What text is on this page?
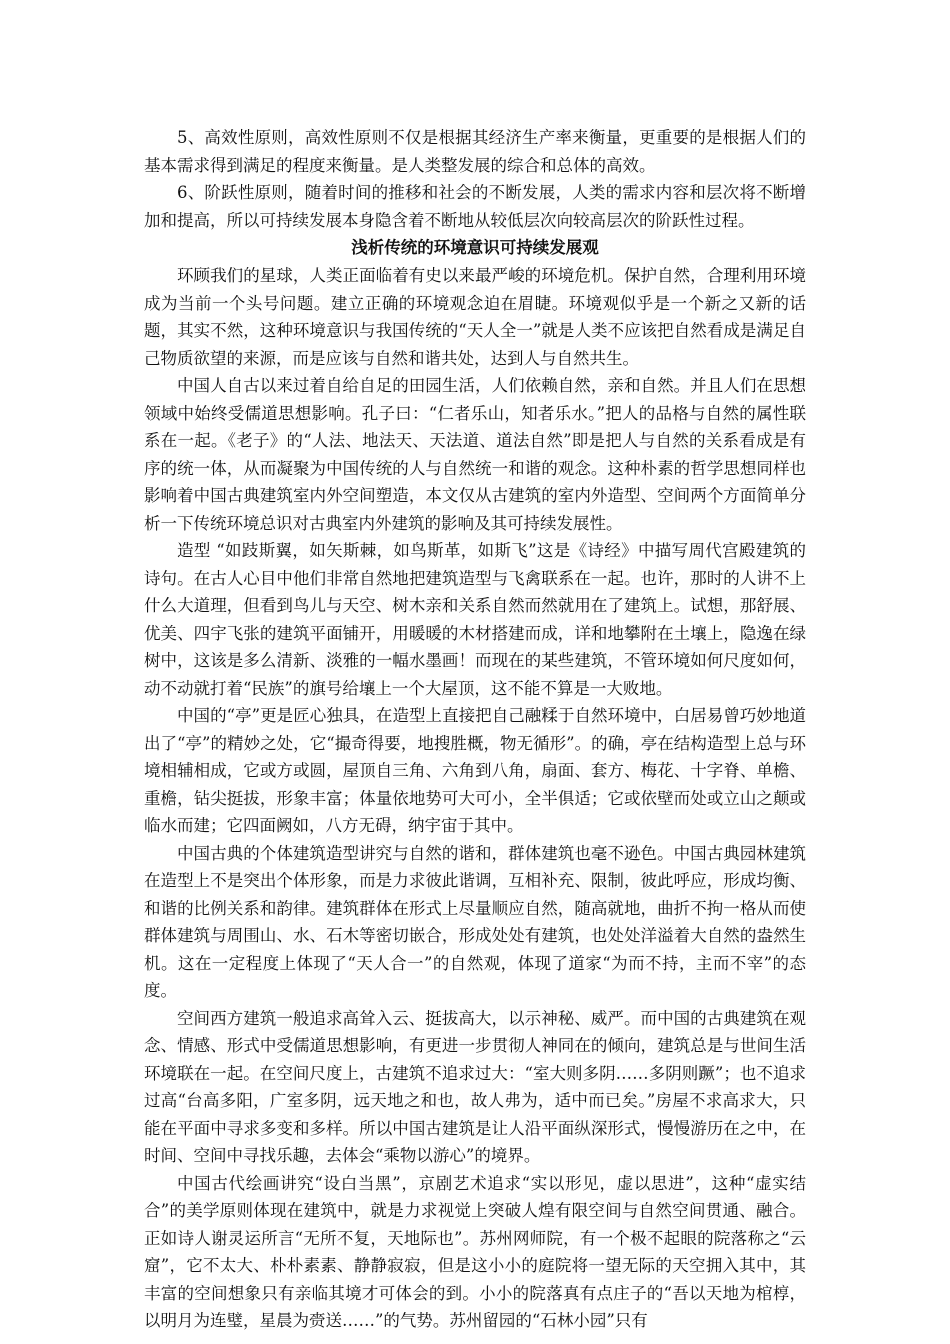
5、高效性原则，高效性原则不仅是根据其经济生产率来衡量，更重要的是根据人们的基本需求得到满足的程度来衡量。是人类整发展的综合和总体的高效。

6、阶跃性原则，随着时间的推移和社会的不断发展，人类的需求内容和层次将不断增加和提高，所以可持续发展本身隐含着不断地从较低层次向较高层次的阶跃性过程。

浅析传统的环境意识可持续发展观

环顾我们的星球，人类正面临着有史以来最严峻的环境危机。保护自然，合理利用环境成为当前一个头号问题。建立正确的环境观念迫在眉睫。环境观似乎是一个新之又新的话题，其实不然，这种环境意识与我国传统的“天人全一”就是人类不应该把自然看成是满足自己物质欲望的来源，而是应该与自然和谐共处，达到人与自然共生。

中国人自古以来过着自给自足的田园生活，人们依赖自然，亲和自然。并且人们在思想领域中始终受儒道思想影响。孔子曰：“仁者乐山，知者乐水。”把人的品格与自然的属性联系在一起。《老子》的“人法、地法天、天法道、道法自然”即是把人与自然的关系看成是有序的统一体，从而凝聚为中国传统的人与自然统一和谐的观念。这种朴素的哲学思想同样也影响着中国古典建筑室内外空间塑造，本文仅从古建筑的室内外造型、空间两个方面简单分析一下传统环境总识对古典室内外建筑的影响及其可持续发展性。

造型 “如跂斯翼，如矢斯棘，如鸟斯革，如斯飞”这是《诗经》中描写周代宫殿建筑的诗句。在古人心目中他们非常自然地把建筑造型与飞禽联系在一起。也许，那时的人讲不上什么大道理，但看到鸟儿与天空、树木亲和关系自然而然就用在了建筑上。试想，那舒展、优美、四宇飞张的建筑平面铺开，用暖暖的木材搭建而成，详和地攀附在土壤上，隐逸在绿树中，这该是多么清新、淡雅的一幅水墨画！而现在的某些建筑，不管环境如何尺度如何，动不动就打着“民族”的旗号给壤上一个大屋顶，这不能不算是一大败地。

中国的“亭”更是匠心独具，在造型上直接把自己融糅于自然环境中，白居易曾巧妙地道出了“亭”的精妙之处，它“撮奇得要，地搜胜概，物无循形”。的确，亭在结构造型上总与环境相辅相成，它或方或圆，屋顶自三角、六角到八角，扇面、套方、梅花、十字脊、单檐、重檐，钻尖挺拔，形象丰富；体量依地势可大可小，全半俱适；它或依壁而处或立山之颠或临水而建；它四面阙如，八方无碍，纳宇宙于其中。

中国古典的个体建筑造型讲究与自然的谐和，群体建筑也毫不逊色。中国古典园林建筑在造型上不是突出个体形象，而是力求彼此谐调，互相补充、限制，彼此呼应，形成均衡、和谐的比例关系和韵律。建筑群体在形式上尽量顺应自然，随高就地，曲折不拘一格从而使群体建筑与周围山、水、石木等密切嵌合，形成处处有建筑，也处处洋溢着大自然的盎然生机。这在一定程度上体现了“天人合一”的自然观，体现了道家“为而不持，主而不宰”的态度。

空间西方建筑一般追求高耸入云、挺拔高大，以示神秘、威严。而中国的古典建筑在观念、情感、形式中受儒道思想影响，有更进一步贯彻人神同在的倾向，建筑总是与世间生活环境联在一起。在空间尺度上，古建筑不追求过大：“室大则多阴……多阴则蹶”；也不追求过高“台高多阳，广室多阴，远天地之和也，故人弗为，适中而已矣。”房屋不求高求大，只能在平面中寻求多变和多样。所以中国古建筑是让人沿平面纵深形式，慢慢游历在之中，在时间、空间中寻找乐趣，去体会“乘物以游心”的境界。

中国古代绘画讲究“设白当黑”，京剧艺术追求“实以形见，虚以思进”，这种“虚实结合”的美学原则体现在建筑中，就是力求视觉上突破人煌有限空间与自然空间贯通、融合。正如诗人谢灵运所言“无所不复，天地际也”。苏州网师院，有一个极不起眼的院落称之“云窟”，它不太大、朴朴素素、静静寂寂，但是这小小的庭院将一望无际的天空拥入其中，其丰富的空间想象只有亲临其境才可体会的到。小小的院落真有点庄子的“吾以天地为棺椁，以明月为连璧，星晨为赍送……”的气势。苏州留园的“石林小园”只有
